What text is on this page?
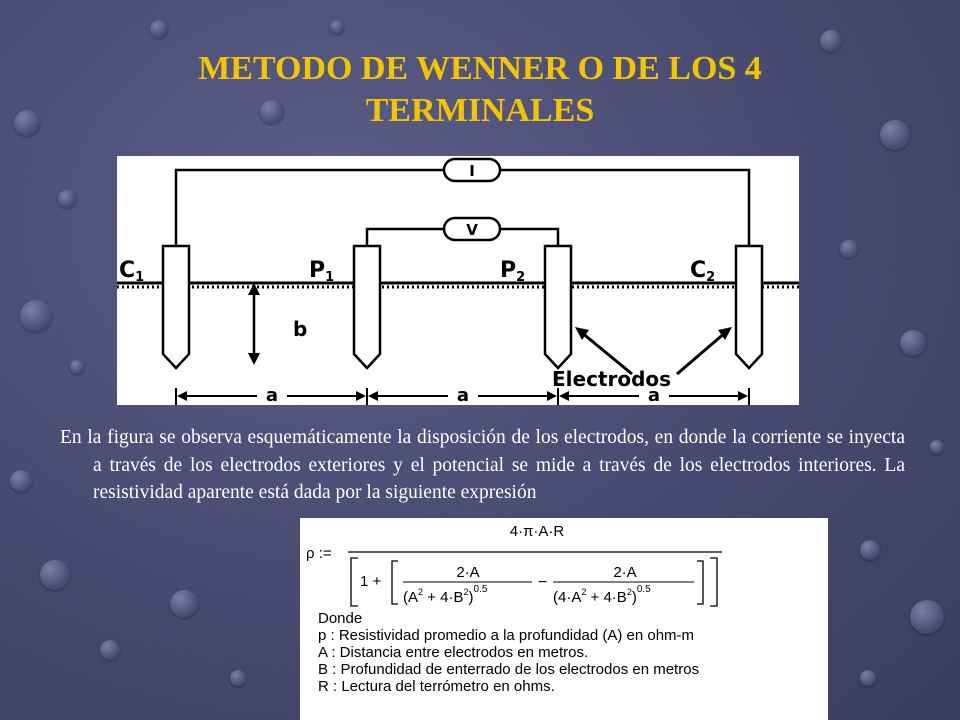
METODO DE WENNER O DE LOS 4
TERMINALES
I
V
C1	P1	P2	C2
b
Electrodos
a	a	a
En la figura se observa esquemáticamente la disposición de los electrodos, en donde la corriente se inyecta a través de los electrodos exteriores y el potencial se mide a través de los electrodos interiores. La resistividad aparente está dada por la siguiente expresión
ρ :=
4·π·A·R
1 +
2·A
$(A^2 + 4\cdot B^2)^{0.5}$	−
2·A
$(4\cdot A^2 + 4\cdot B^2)^{0.5}$
Donde
p : Resistividad promedio a la profundidad (A) en ohm-m
A : Distancia entre electrodos en metros.
B : Profundidad de enterrado de los electrodos en metros
R : Lectura del terrómetro en ohms.
